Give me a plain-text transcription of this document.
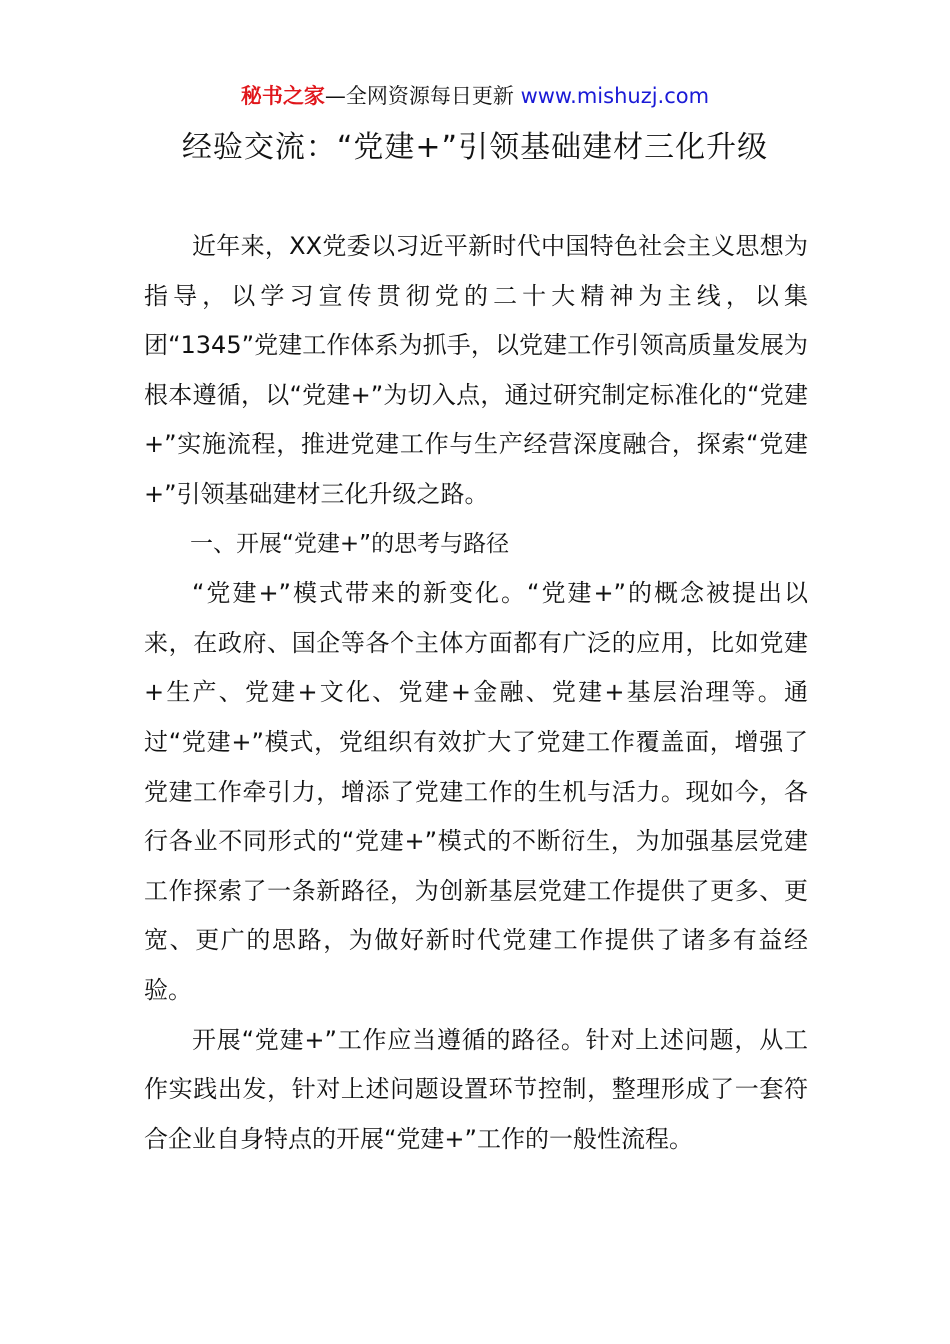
秘书之家—全网资源每日更新 www.mishuzj.com
经验交流：“党建+”引领基础建材三化升级

近年来，XX党委以习近平新时代中国特色社会主义思想为指导，以学习宣传贯彻党的二十大精神为主线，以集团“1345”党建工作体系为抓手，以党建工作引领高质量发展为根本遵循，以“党建+”为切入点，通过研究制定标准化的“党建+”实施流程，推进党建工作与生产经营深度融合，探索“党建+”引领基础建材三化升级之路。

一、开展“党建+”的思考与路径

“党建+”模式带来的新变化。“党建+”的概念被提出以来，在政府、国企等各个主体方面都有广泛的应用，比如党建+生产、党建+文化、党建+金融、党建+基层治理等。通过“党建+”模式，党组织有效扩大了党建工作覆盖面，增强了党建工作牵引力，增添了党建工作的生机与活力。现如今，各行各业不同形式的“党建+”模式的不断衍生，为加强基层党建工作探索了一条新路径，为创新基层党建工作提供了更多、更宽、更广的思路，为做好新时代党建工作提供了诸多有益经验。

开展“党建+”工作应当遵循的路径。针对上述问题，从工作实践出发，针对上述问题设置环节控制，整理形成了一套符合企业自身特点的开展“党建+”工作的一般性流程。
